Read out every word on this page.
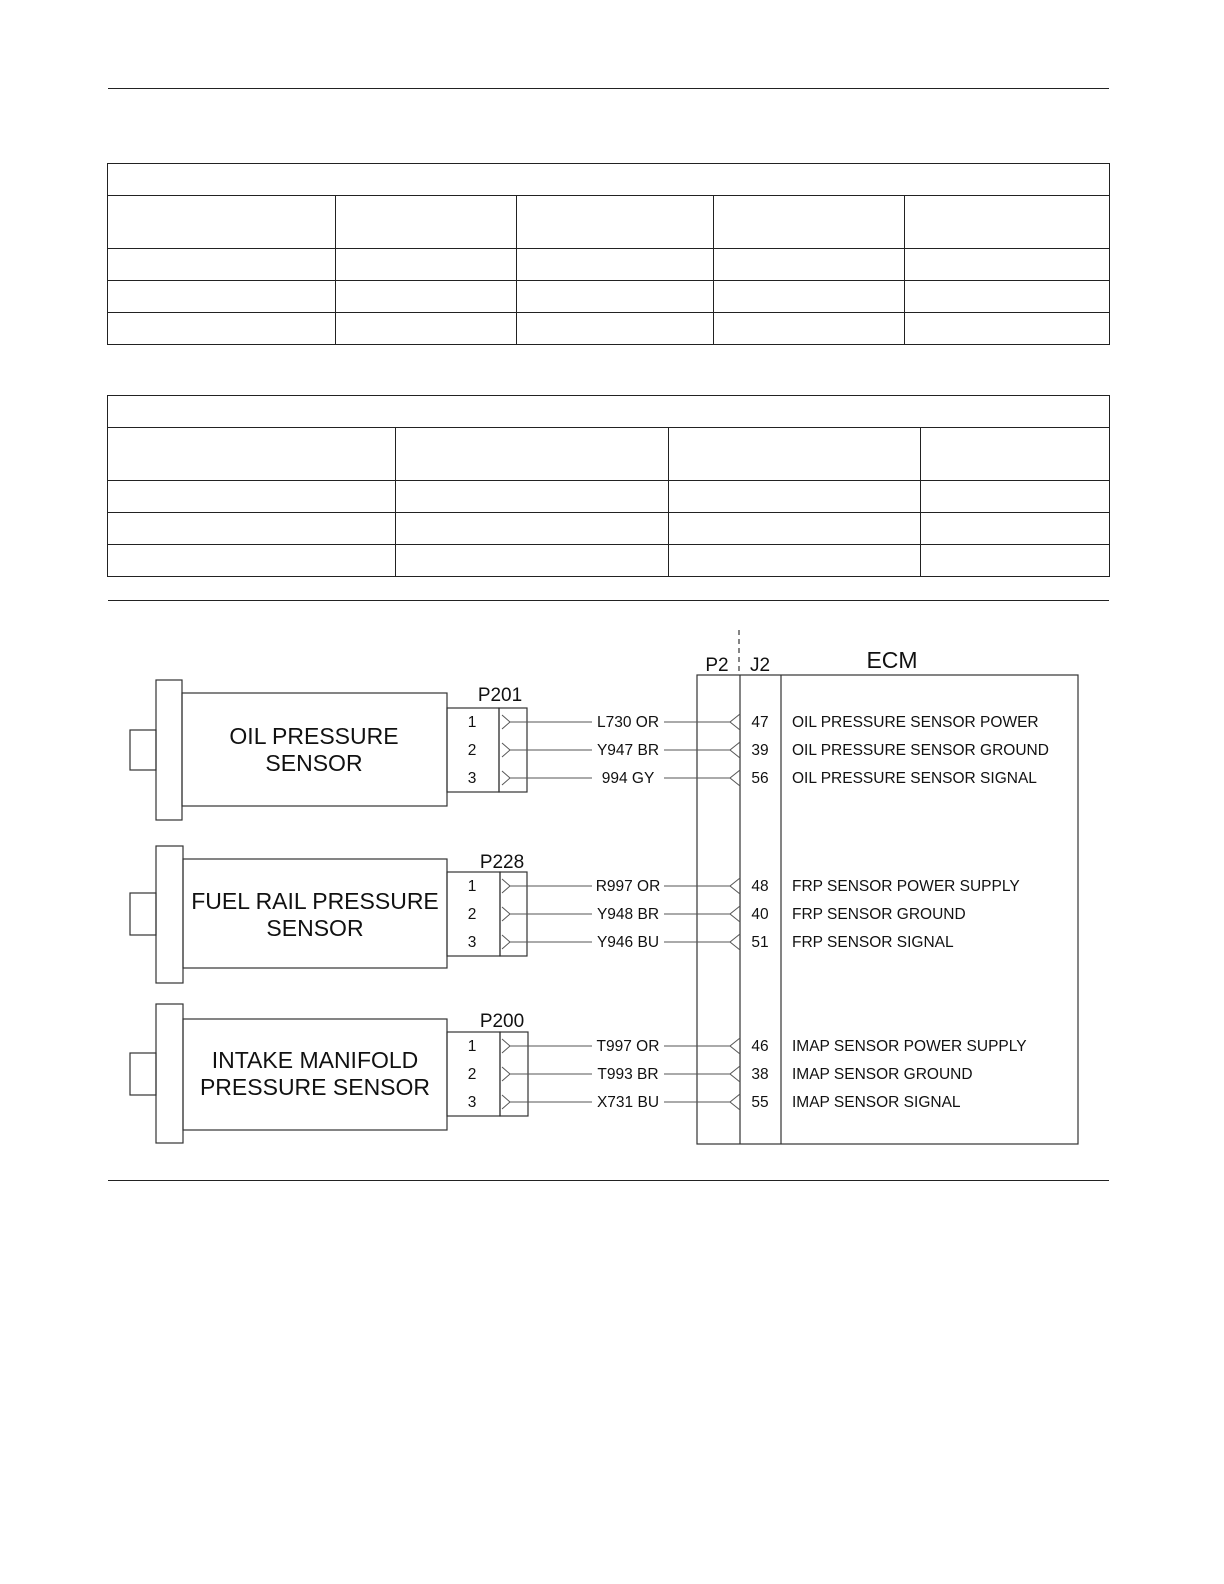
P2 J2	ECM
OIL PRESSURE
SENSOR
P201
FUEL RAIL PRESSURE
SENSOR
P228
INTAKE MANIFOLD
PRESSURE SENSOR
P200
1	L730 OR	47 OIL PRESSURE SENSOR POWER
2	Y947 BR	39 OIL PRESSURE SENSOR GROUND
3	994 GY	56 OIL PRESSURE SENSOR SIGNAL
1	R997 OR	48 FRP SENSOR POWER SUPPLY
2	Y948 BR	40 FRP SENSOR GROUND
3	Y946 BU	51 FRP SENSOR SIGNAL
1	T997 OR	46 IMAP SENSOR POWER SUPPLY
2	T993 BR	38 IMAP SENSOR GROUND
3	X731 BU	55 IMAP SENSOR SIGNAL
